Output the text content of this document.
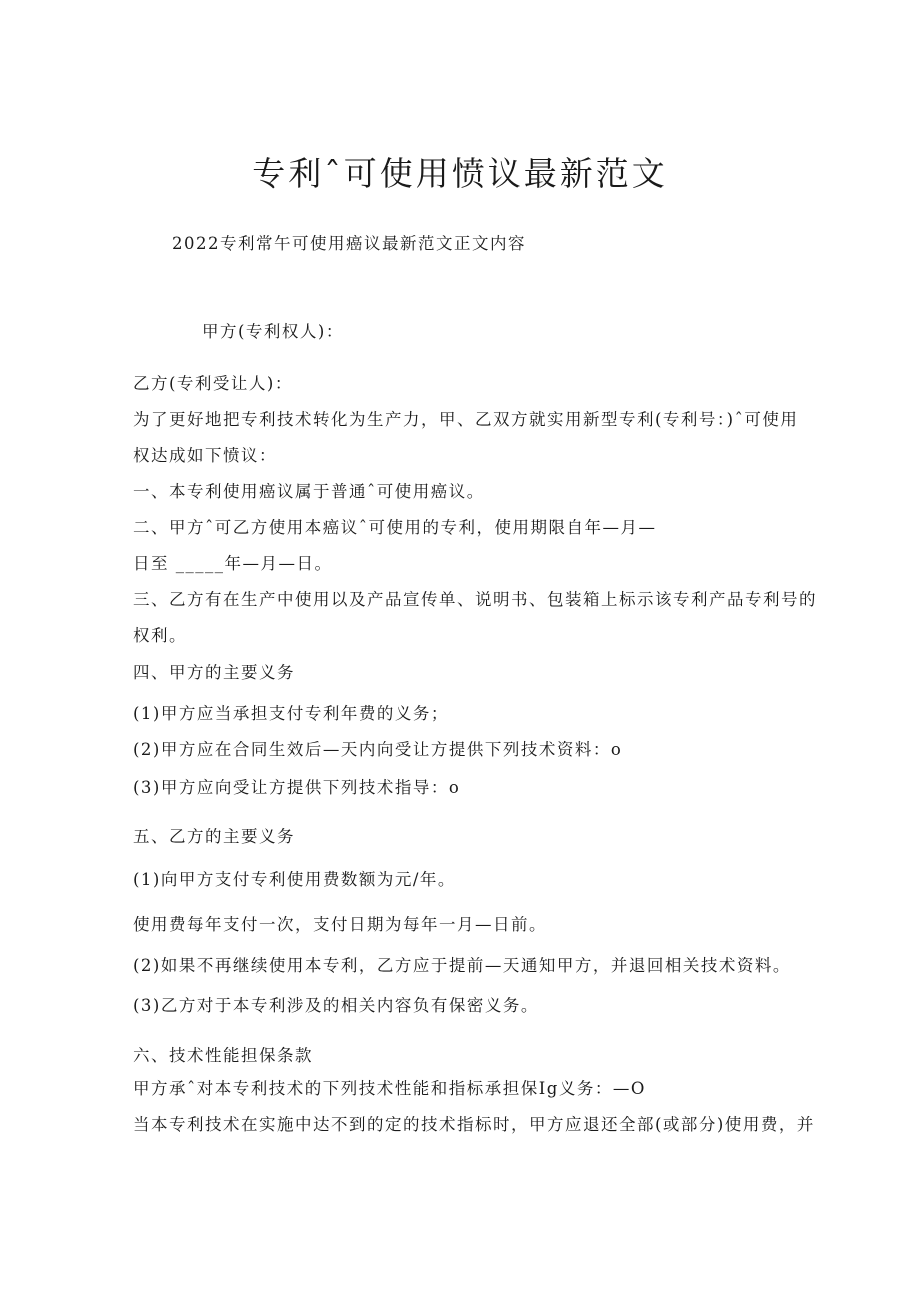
专利ˆ可使用愤议最新范文
2022专利常午可使用癌议最新范文正文内容
甲方(专利权人)：
乙方(专利受让人)：
为了更好地把专利技术转化为生产力，甲、乙双方就实用新型专利(专利号：)ˆ可使用
权达成如下愤议：
一、本专利使用癌议属于普通ˆ可使用癌议。
二、甲方ˆ可乙方使用本癌议ˆ可使用的专利，使用期限自年—月—
日至 _____年—月—日。
三、乙方有在生产中使用以及产品宣传单、说明书、包装箱上标示该专利产品专利号的
权利。
四、甲方的主要义务
(1)甲方应当承担支付专利年费的义务；
(2)甲方应在合同生效后—天内向受让方提供下列技术资料：o
(3)甲方应向受让方提供下列技术指导：o
五、乙方的主要义务
(1)向甲方支付专利使用费数额为元/年。
使用费每年支付一次，支付日期为每年一月—日前。
(2)如果不再继续使用本专利，乙方应于提前—天通知甲方，并退回相关技术资料。
(3)乙方对于本专利涉及的相关内容负有保密义务。
六、技术性能担保条款
甲方承ˆ对本专利技术的下列技术性能和指标承担保Ig义务：—O
当本专利技术在实施中达不到的定的技术指标时，甲方应退还全部(或部分)使用费，并
